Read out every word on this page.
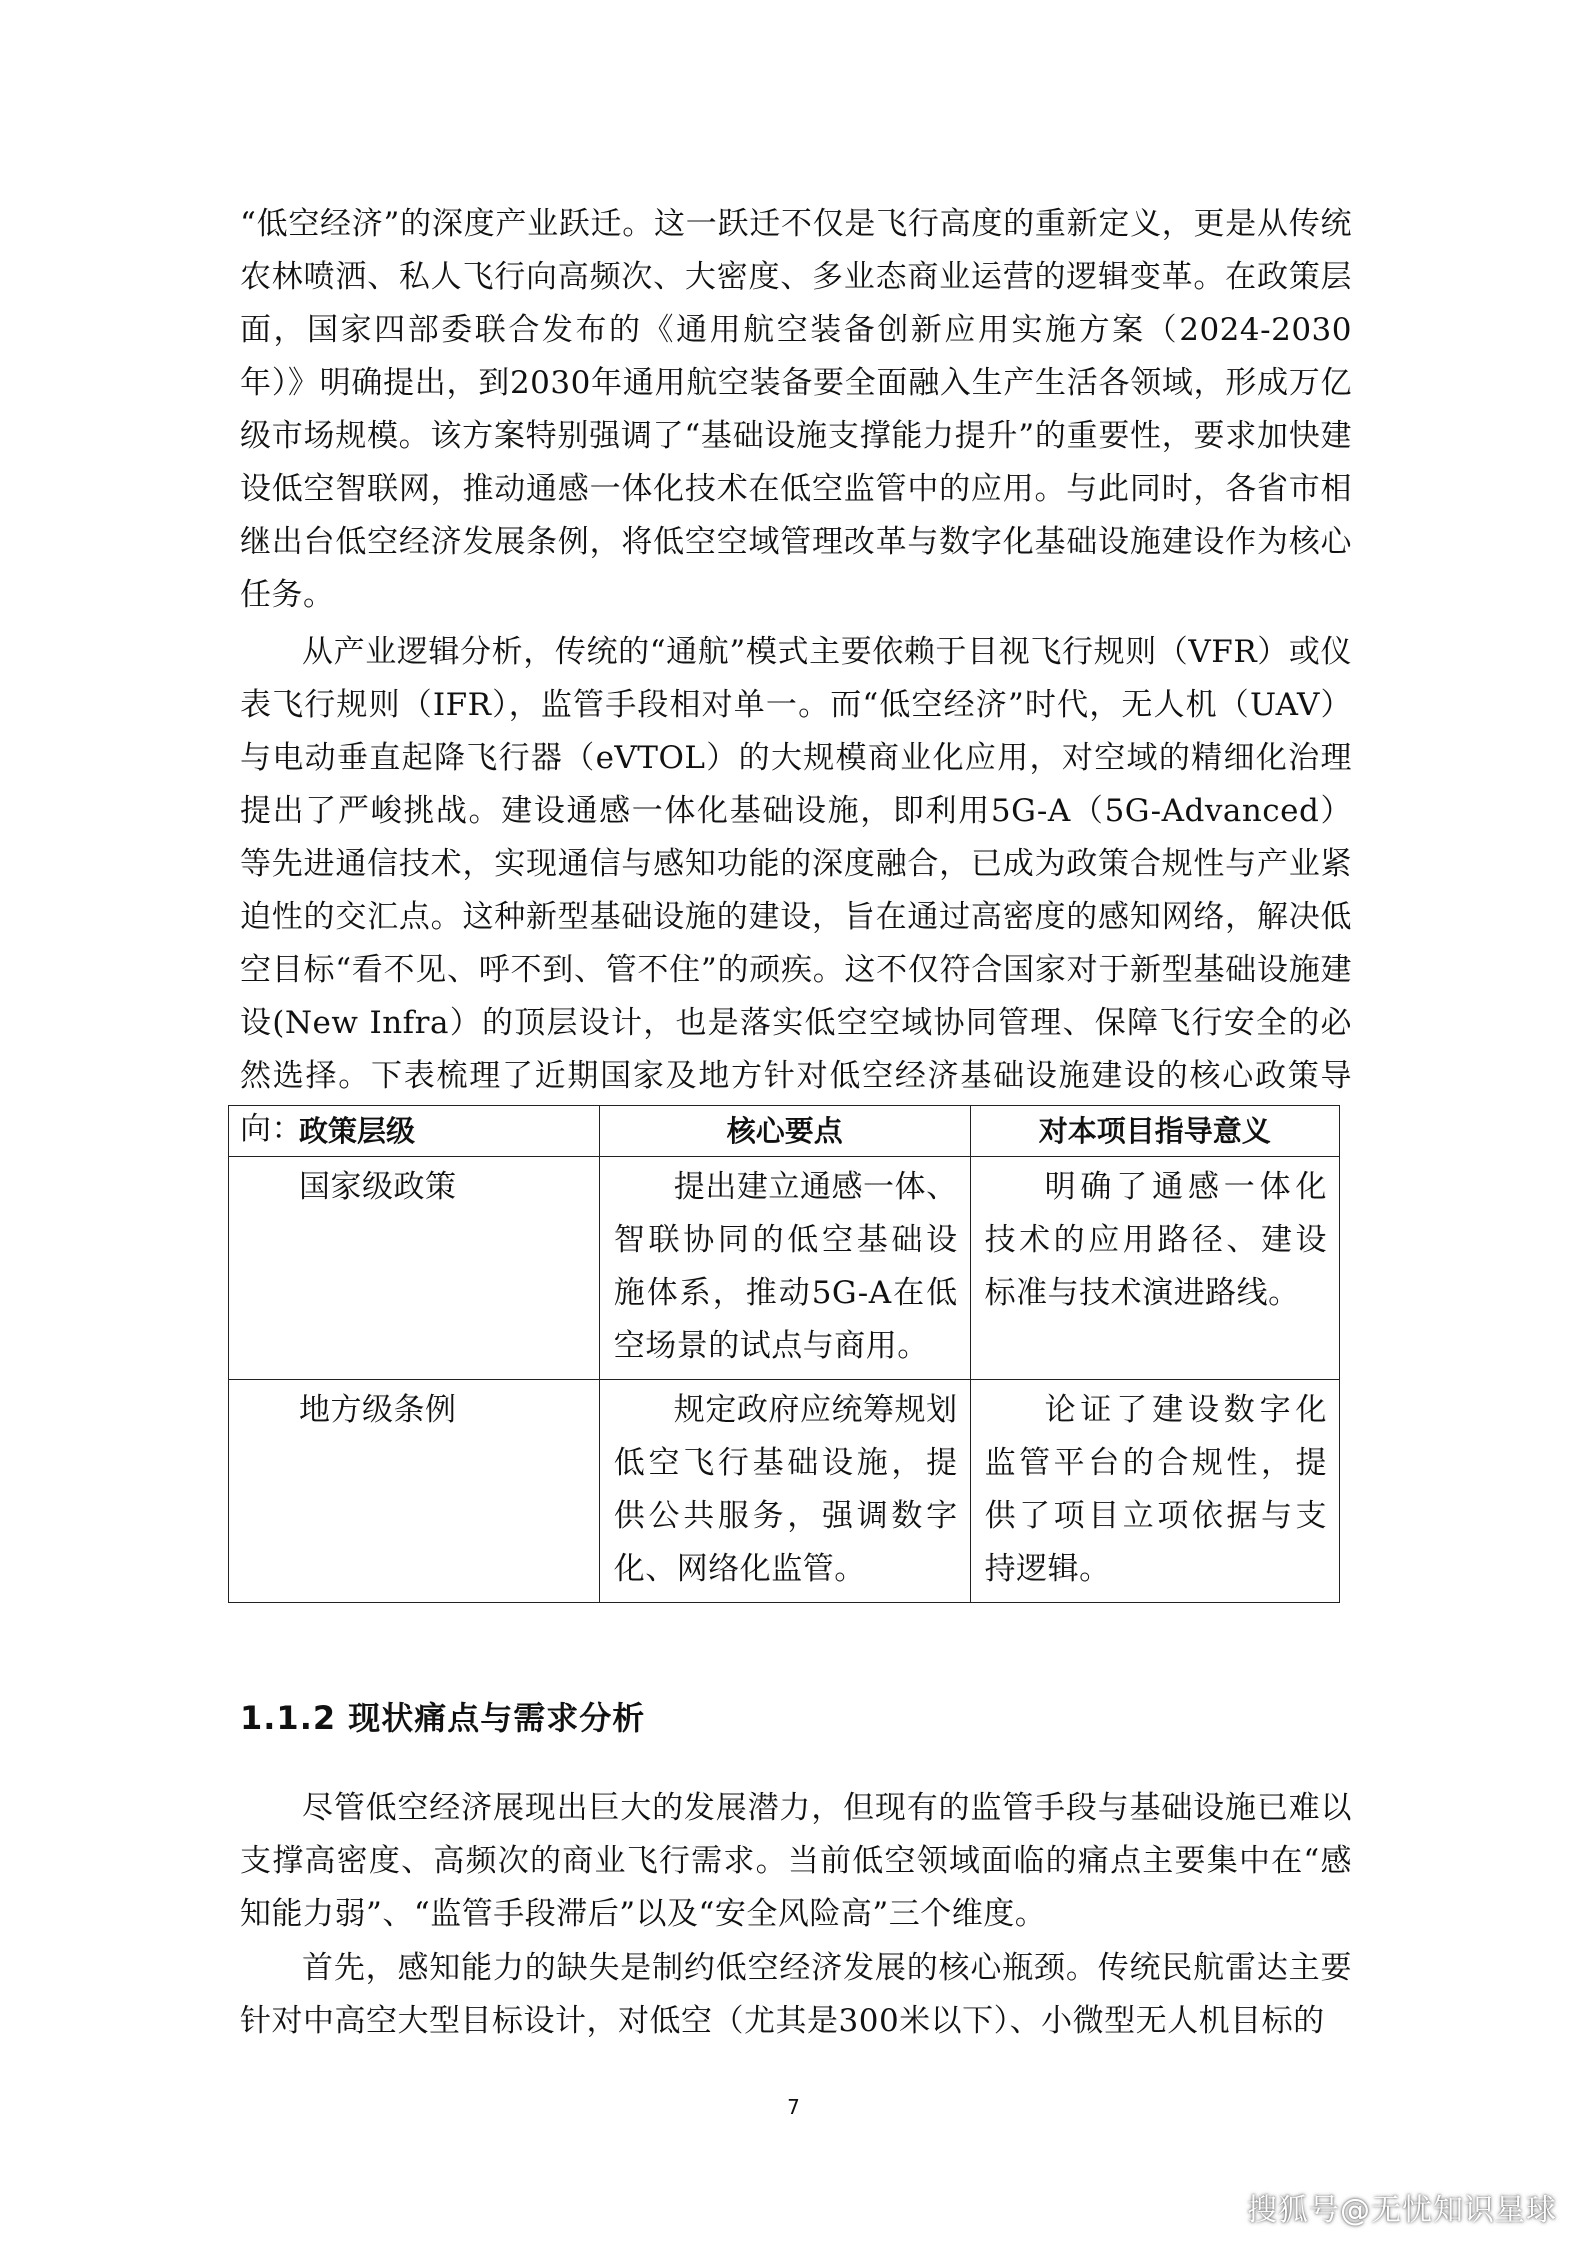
“低空经济”的深度产业跃迁。这一跃迁不仅是飞行高度的重新定义，更是从传统农林喷洒、私人飞行向高频次、大密度、多业态商业运营的逻辑变革。在政策层面，国家四部委联合发布的《通用航空装备创新应用实施方案（2024-2030年）》明确提出，到2030年通用航空装备要全面融入生产生活各领域，形成万亿级市场规模。该方案特别强调了“基础设施支撑能力提升”的重要性，要求加快建设低空智联网，推动通感一体化技术在低空监管中的应用。与此同时，各省市相继出台低空经济发展条例，将低空空域管理改革与数字化基础设施建设作为核心任务。

从产业逻辑分析，传统的“通航”模式主要依赖于目视飞行规则（VFR）或仪表飞行规则（IFR），监管手段相对单一。而“低空经济”时代，无人机（UAV）与电动垂直起降飞行器（eVTOL）的大规模商业化应用，对空域的精细化治理提出了严峻挑战。建设通感一体化基础设施，即利用5G-A（5G-Advanced）等先进通信技术，实现通信与感知功能的深度融合，已成为政策合规性与产业紧迫性的交汇点。这种新型基础设施的建设，旨在通过高密度的感知网络，解决低空目标“看不见、呼不到、管不住”的顽疾。这不仅符合国家对于新型基础设施建设(New Infra）的顶层设计，也是落实低空空域协同管理、保障飞行安全的必然选择。下表梳理了近期国家及地方针对低空经济基础设施建设的核心政策导向：

政策层级	核心要点	对本项目指导意义
国家级政策	提出建立通感一体、智联协同的低空基础设施体系，推动5G-A在低空场景的试点与商用。	明确了通感一体化技术的应用路径、建设标准与技术演进路线。
地方级条例	规定政府应统筹规划低空飞行基础设施，提供公共服务，强调数字化、网络化监管。	论证了建设数字化监管平台的合规性，提供了项目立项依据与支持逻辑。
1.1.2 现状痛点与需求分析

尽管低空经济展现出巨大的发展潜力，但现有的监管手段与基础设施已难以支撑高密度、高频次的商业飞行需求。当前低空领域面临的痛点主要集中在“感知能力弱”、“监管手段滞后”以及“安全风险高”三个维度。

首先，感知能力的缺失是制约低空经济发展的核心瓶颈。传统民航雷达主要针对中高空大型目标设计，对低空（尤其是300米以下）、小微型无人机目标的

7
搜狐号@无忧知识星球
